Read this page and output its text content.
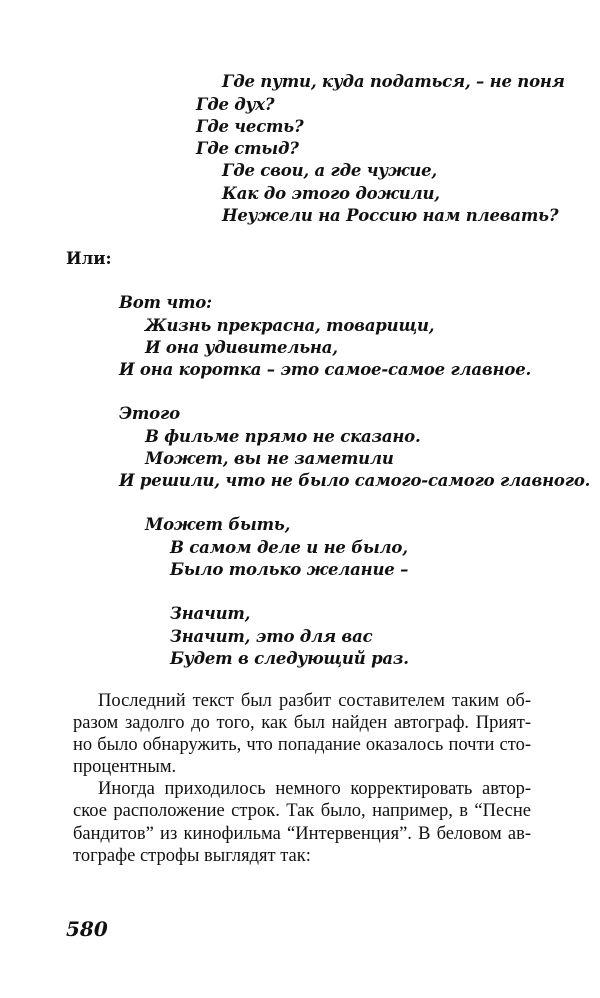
Где пути, куда податься, – не поня
Где дух?
Где честь?
Где стыд?
Где свои, а где чужие,
Как до этого дожили,
Неужели на Россию нам плевать?
Или:
Вот что:
Жизнь прекрасна, товарищи,
И она удивительна,
И она коротка – это самое-самое главное.
Этого
В фильме прямо не сказано.
Может, вы не заметили
И решили, что не было самого-самого главного.
Может быть,
В самом деле и не было,
Было только желание –
Значит,
Значит, это для вас
Будет в следующий раз.
Последний текст был разбит составителем таким об-
разом задолго до того, как был найден автограф. Прият-
но было обнаружить, что попадание оказалось почти сто-
процентным.
Иногда приходилось немного корректировать автор-
ское расположение строк. Так было, например, в “Песне
бандитов” из кинофильма “Интервенция”. В беловом ав-
тографе строфы выглядят так:
580
